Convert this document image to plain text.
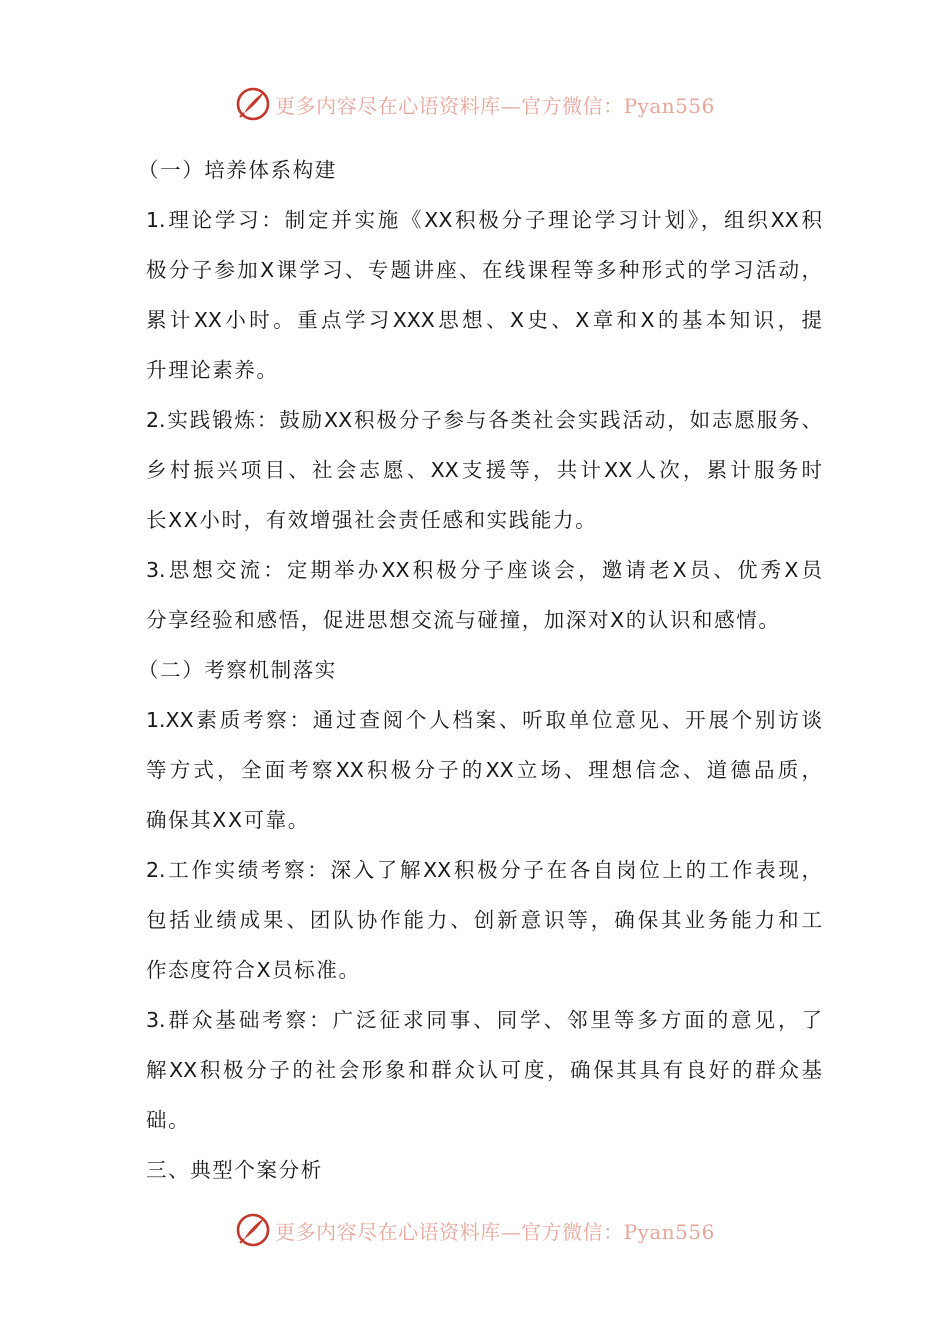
更多内容尽在心语资料库—官方微信：Pyan556
（一）培养体系构建
1.理论学习：制定并实施《XX积极分子理论学习计划》，组织XX积
极分子参加X课学习、专题讲座、在线课程等多种形式的学习活动，
累计XX小时。重点学习XXX思想、X史、X章和X的基本知识，提
升理论素养。
2.实践锻炼：鼓励XX积极分子参与各类社会实践活动，如志愿服务、
乡村振兴项目、社会志愿、XX支援等，共计XX人次，累计服务时
长XX小时，有效增强社会责任感和实践能力。
3.思想交流：定期举办XX积极分子座谈会，邀请老X员、优秀X员
分享经验和感悟，促进思想交流与碰撞，加深对X的认识和感情。
（二）考察机制落实
1.XX素质考察：通过查阅个人档案、听取单位意见、开展个别访谈
等方式，全面考察XX积极分子的XX立场、理想信念、道德品质，
确保其XX可靠。
2.工作实绩考察：深入了解XX积极分子在各自岗位上的工作表现，
包括业绩成果、团队协作能力、创新意识等，确保其业务能力和工
作态度符合X员标准。
3.群众基础考察：广泛征求同事、同学、邻里等多方面的意见，了
解XX积极分子的社会形象和群众认可度，确保其具有良好的群众基
础。
三、典型个案分析
更多内容尽在心语资料库—官方微信：Pyan556
